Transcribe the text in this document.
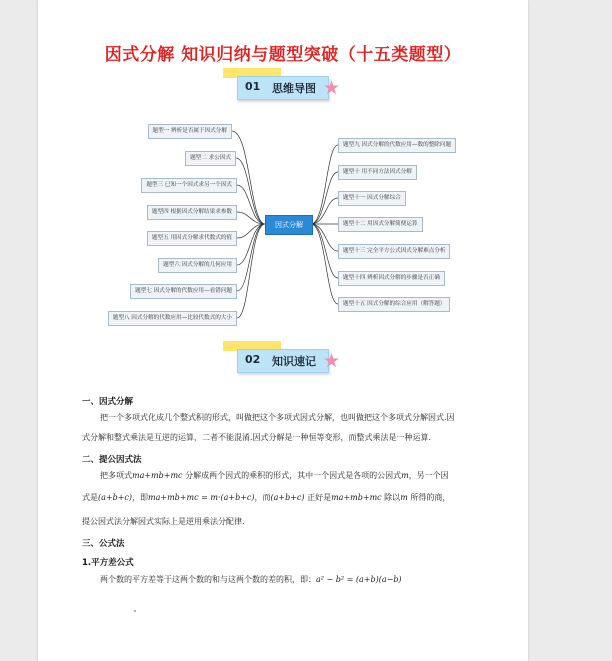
因式分解 知识归纳与题型突破（十五类题型）
01 思维导图 ★
题型一 辨析是否属于因式分解
题型二 求公因式
题型三 已知一个因式求另一个因式
题型四 根据因式分解结果求参数
题型五 用因式分解求代数式的值
题型六 因式分解的几何应用
题型七 因式分解的代数应用—看错问题
题型八 因式分解的代数应用—比较代数式的大小
因式分解
题型九 因式分解的代数应用—数的整除问题
题型十 用不同方法因式分解
题型十一 因式分解综合
题型十二 用因式分解简便运算
题型十三 完全平方公式因式分解难点分析
题型十四 辨析因式分解的步骤是否正确
题型十五 因式分解的综合应用（解答题）
02 知识速记 ★
一、因式分解
把一个多项式化成几个整式积的形式，叫做把这个多项式因式分解，也叫做把这个多项式分解因式.因
式分解和整式乘法是互逆的运算，二者不能混淆.因式分解是一种恒等变形，而整式乘法是一种运算.
二、提公因式法
把多项式ma+mb+mc 分解成两个因式的乘积的形式，其中一个因式是各项的公因式m，另一个因
式是(a+b+c)，即ma+mb+mc = m·(a+b+c)，而(a+b+c) 正好是ma+mb+mc 除以m 所得的商，
提公因式法分解因式实际上是逆用乘法分配律.
三、公式法
1.平方差公式
两个数的平方差等于这两个数的和与这两个数的差的积，即：a² − b² = (a+b)(a−b)
